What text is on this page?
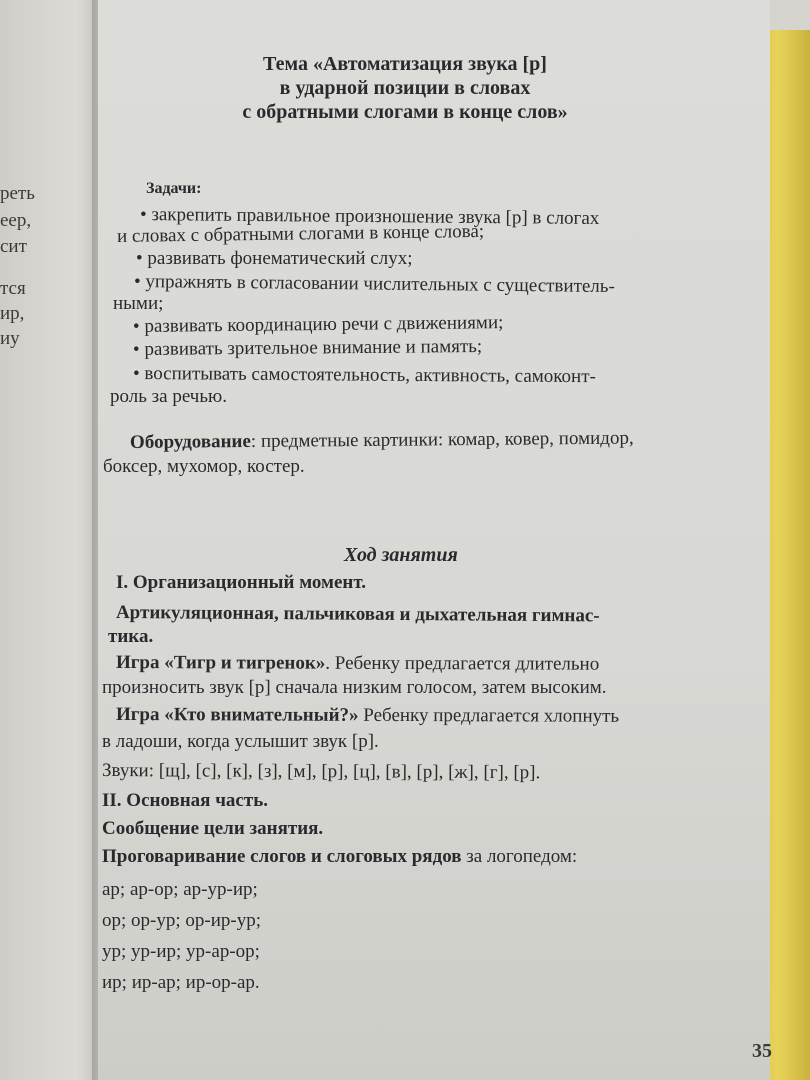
реть
еер,
сит
тся
ир,
иу
Тема «Автоматизация звука [р]
в ударной позиции в словах
с обратными слогами в конце слов»
Задачи:
• закрепить правильное произношение звука [р] в слогах
и словах с обратными слогами в конце слова;
• развивать фонематический слух;
• упражнять в согласовании числительных с существитель-
ными;
• развивать координацию речи с движениями;
• развивать зрительное внимание и память;
• воспитывать самостоятельность, активность, самоконт-
роль за речью.
Оборудование: предметные картинки: комар, ковер, помидор,
боксер, мухомор, костер.
Ход занятия
I. Организационный момент.
Артикуляционная, пальчиковая и дыхательная гимнас-
тика.
Игра «Тигр и тигренок». Ребенку предлагается длительно
произносить звук [р] сначала низким голосом, затем высоким.
Игра «Кто внимательный?» Ребенку предлагается хлопнуть
в ладоши, когда услышит звук [р].
Звуки: [щ], [с], [к], [з], [м], [р], [ц], [в], [р], [ж], [г], [р].
II. Основная часть.
Сообщение цели занятия.
Проговаривание слогов и слоговых рядов за логопедом:
ар; ар-ор; ар-ур-ир;
ор; ор-ур; ор-ир-ур;
ур; ур-ир; ур-ар-ор;
ир; ир-ар; ир-ор-ар.
35
